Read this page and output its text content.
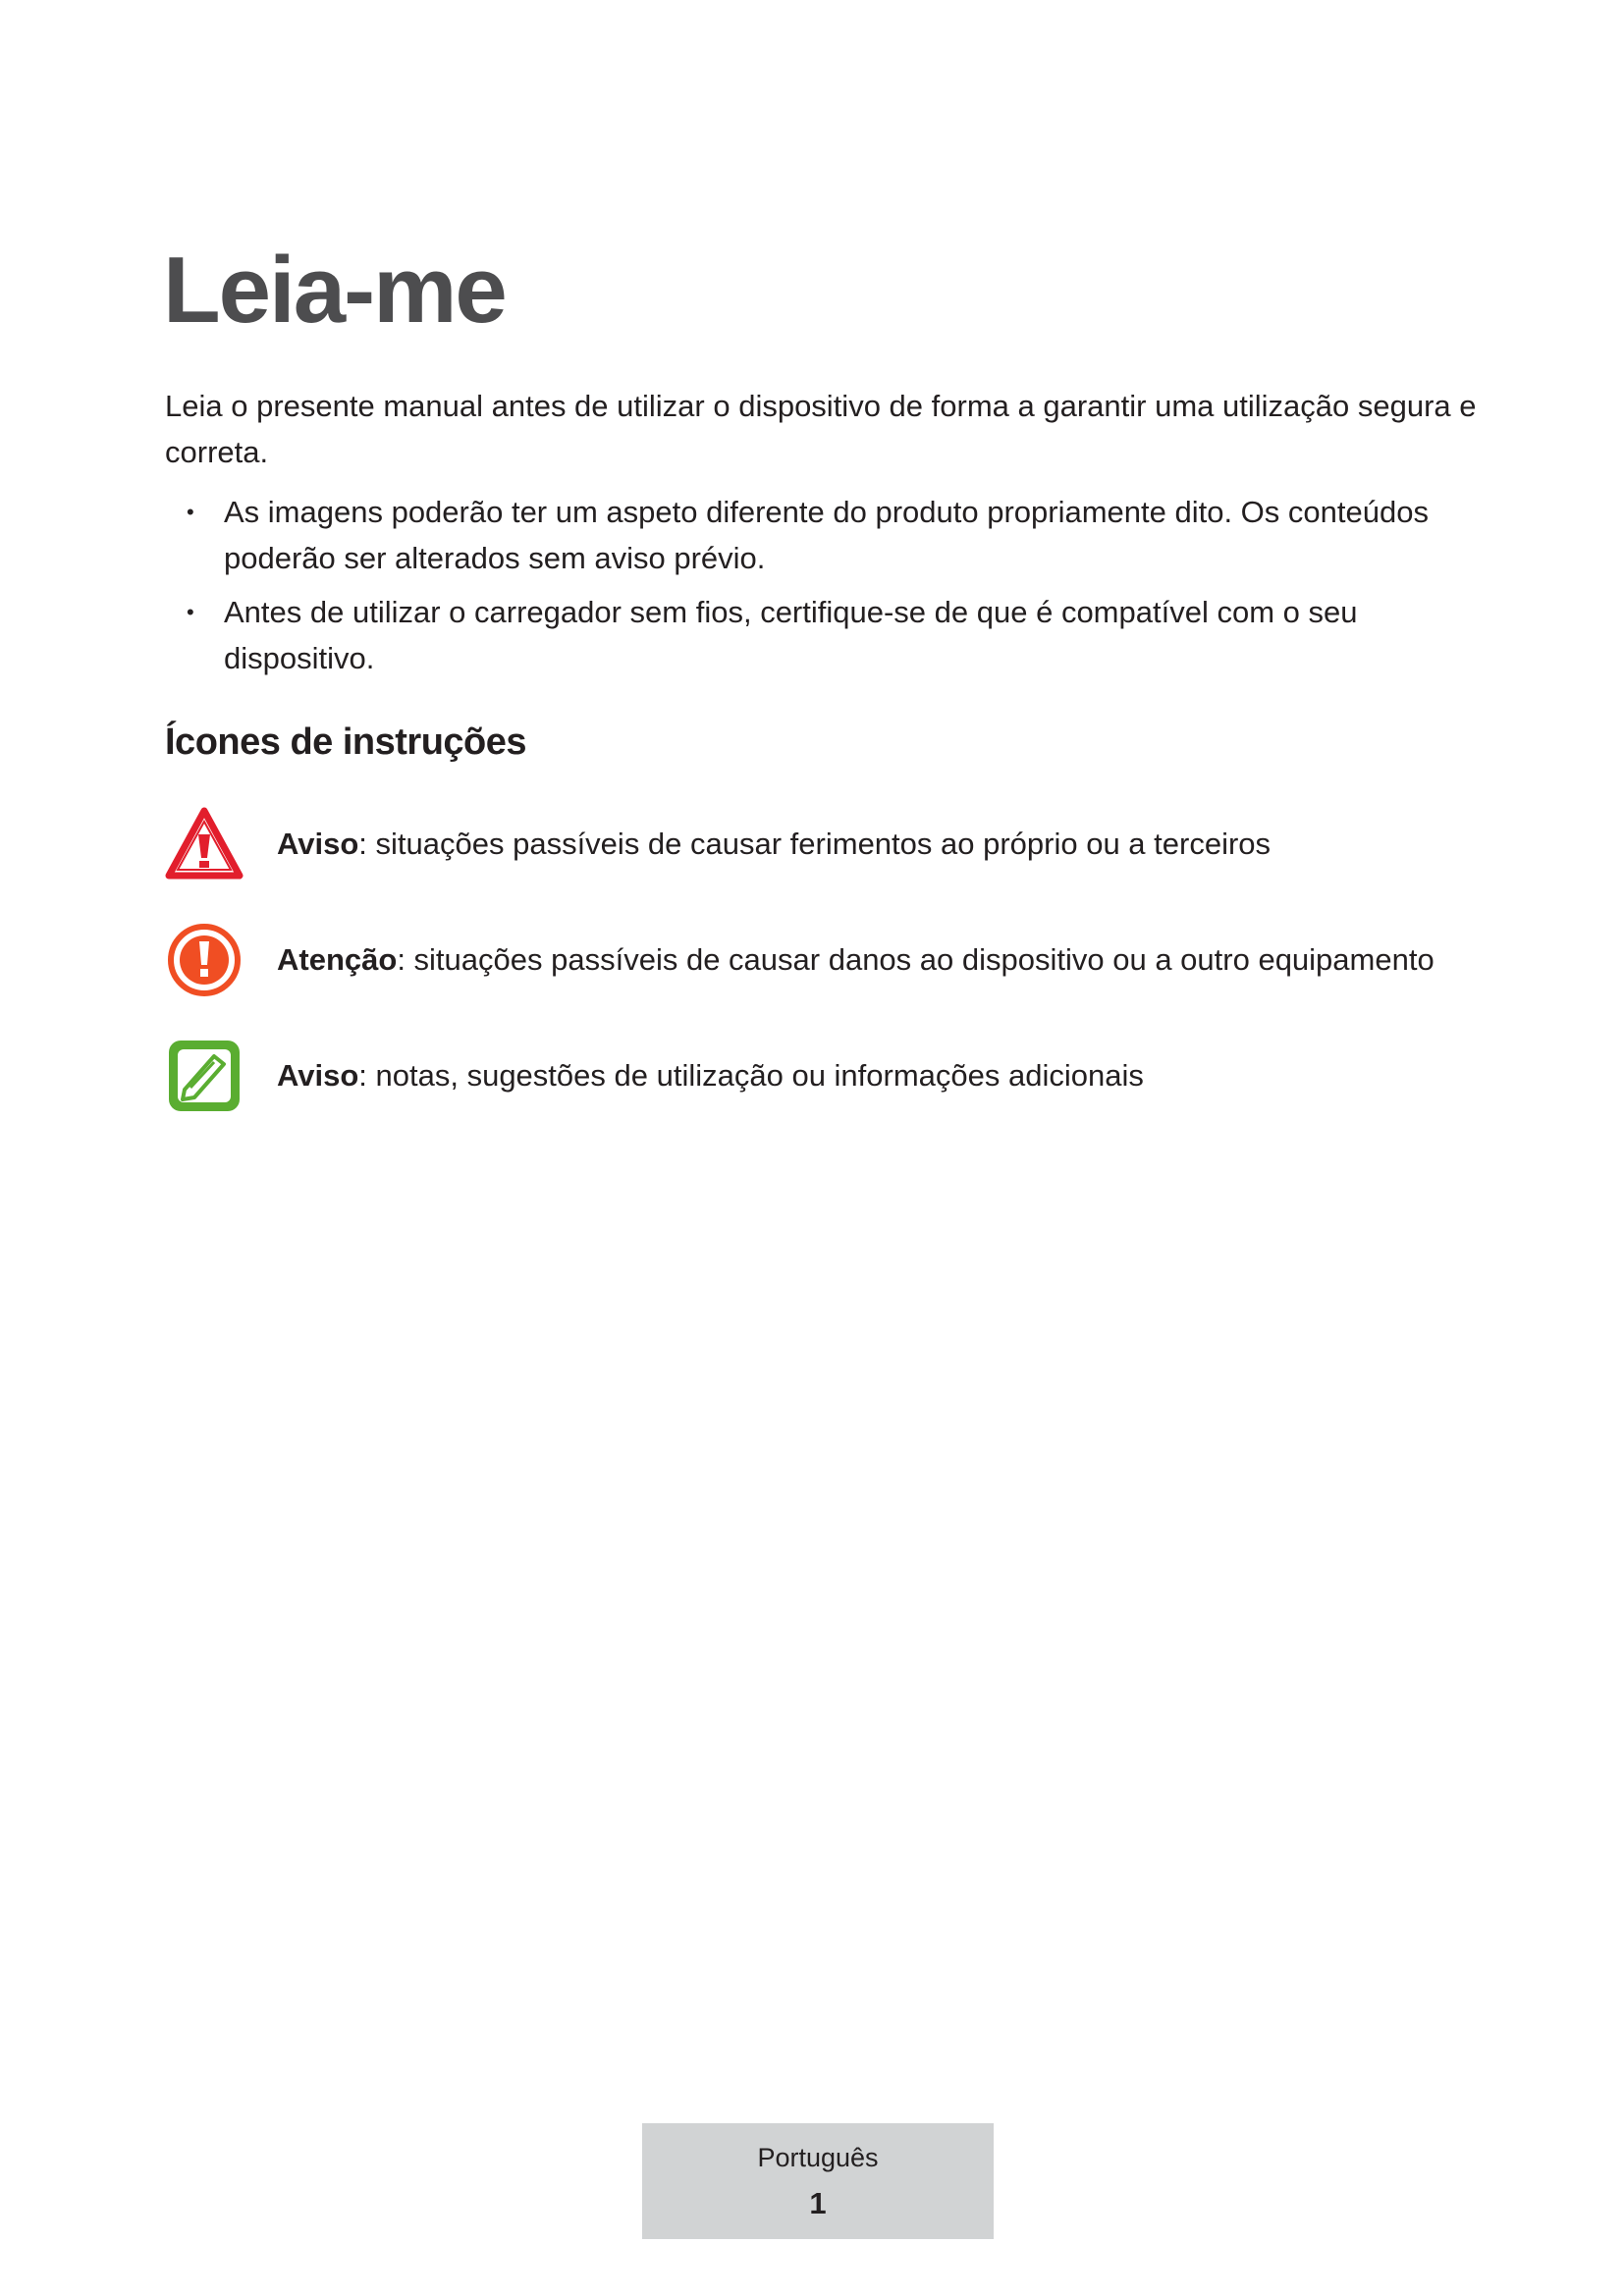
Leia-me

Leia o presente manual antes de utilizar o dispositivo de forma a garantir uma utilização segura e correta.

• As imagens poderão ter um aspeto diferente do produto propriamente dito. Os conteúdos poderão ser alterados sem aviso prévio.
• Antes de utilizar o carregador sem fios, certifique-se de que é compatível com o seu dispositivo.
Ícones de instruções
Aviso: situações passíveis de causar ferimentos ao próprio ou a terceiros
Atenção: situações passíveis de causar danos ao dispositivo ou a outro equipamento
Aviso: notas, sugestões de utilização ou informações adicionais
Português
1
